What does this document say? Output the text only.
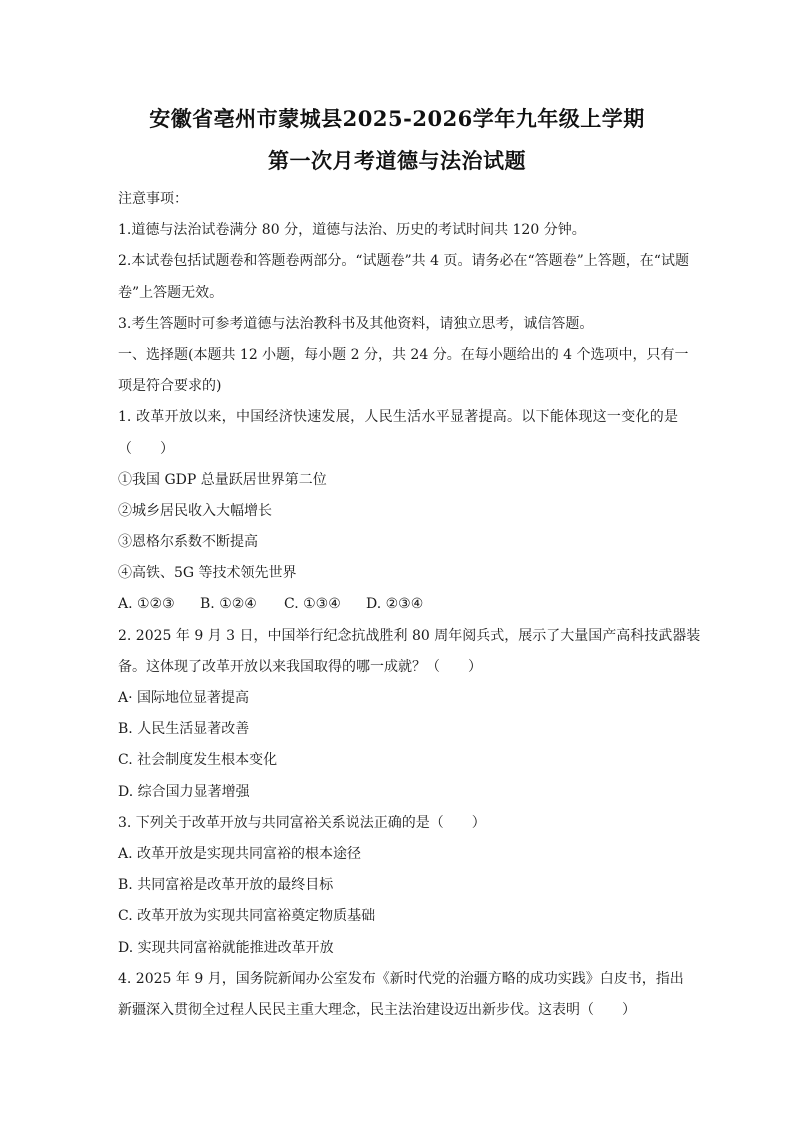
安徽省亳州市蒙城县2025-2026学年九年级上学期
第一次月考道德与法治试题
注意事项：
1.道德与法治试卷满分 80 分，道德与法治、历史的考试时间共 120 分钟。
2.本试卷包括试题卷和答题卷两部分。“试题卷”共 4 页。请务必在“答题卷”上答题，在“试题
卷”上答题无效。
3.考生答题时可参考道德与法治教科书及其他资料，请独立思考，诚信答题。
一、选择题(本题共 12 小题，每小题 2 分，共 24 分。在每小题给出的 4 个选项中，只有一
项是符合要求的)
1. 改革开放以来，中国经济快速发展，人民生活水平显著提高。以下能体现这一变化的是
（　　）
①我国 GDP 总量跃居世界第二位
②城乡居民收入大幅增长
③恩格尔系数不断提高
④高铁、5G 等技术领先世界
A. ①②③ B. ①②④ C. ①③④ D. ②③④
2. 2025 年 9 月 3 日，中国举行纪念抗战胜利 80 周年阅兵式，展示了大量国产高科技武器装
备。这体现了改革开放以来我国取得的哪一成就？（　　）
A· 国际地位显著提高
B. 人民生活显著改善
C. 社会制度发生根本变化
D. 综合国力显著增强
3. 下列关于改革开放与共同富裕关系说法正确的是（　　）
A. 改革开放是实现共同富裕的根本途径
B. 共同富裕是改革开放的最终目标
C. 改革开放为实现共同富裕奠定物质基础
D. 实现共同富裕就能推进改革开放
4. 2025 年 9 月，国务院新闻办公室发布《新时代党的治疆方略的成功实践》白皮书，指出
新疆深入贯彻全过程人民民主重大理念，民主法治建设迈出新步伐。这表明（　　）
